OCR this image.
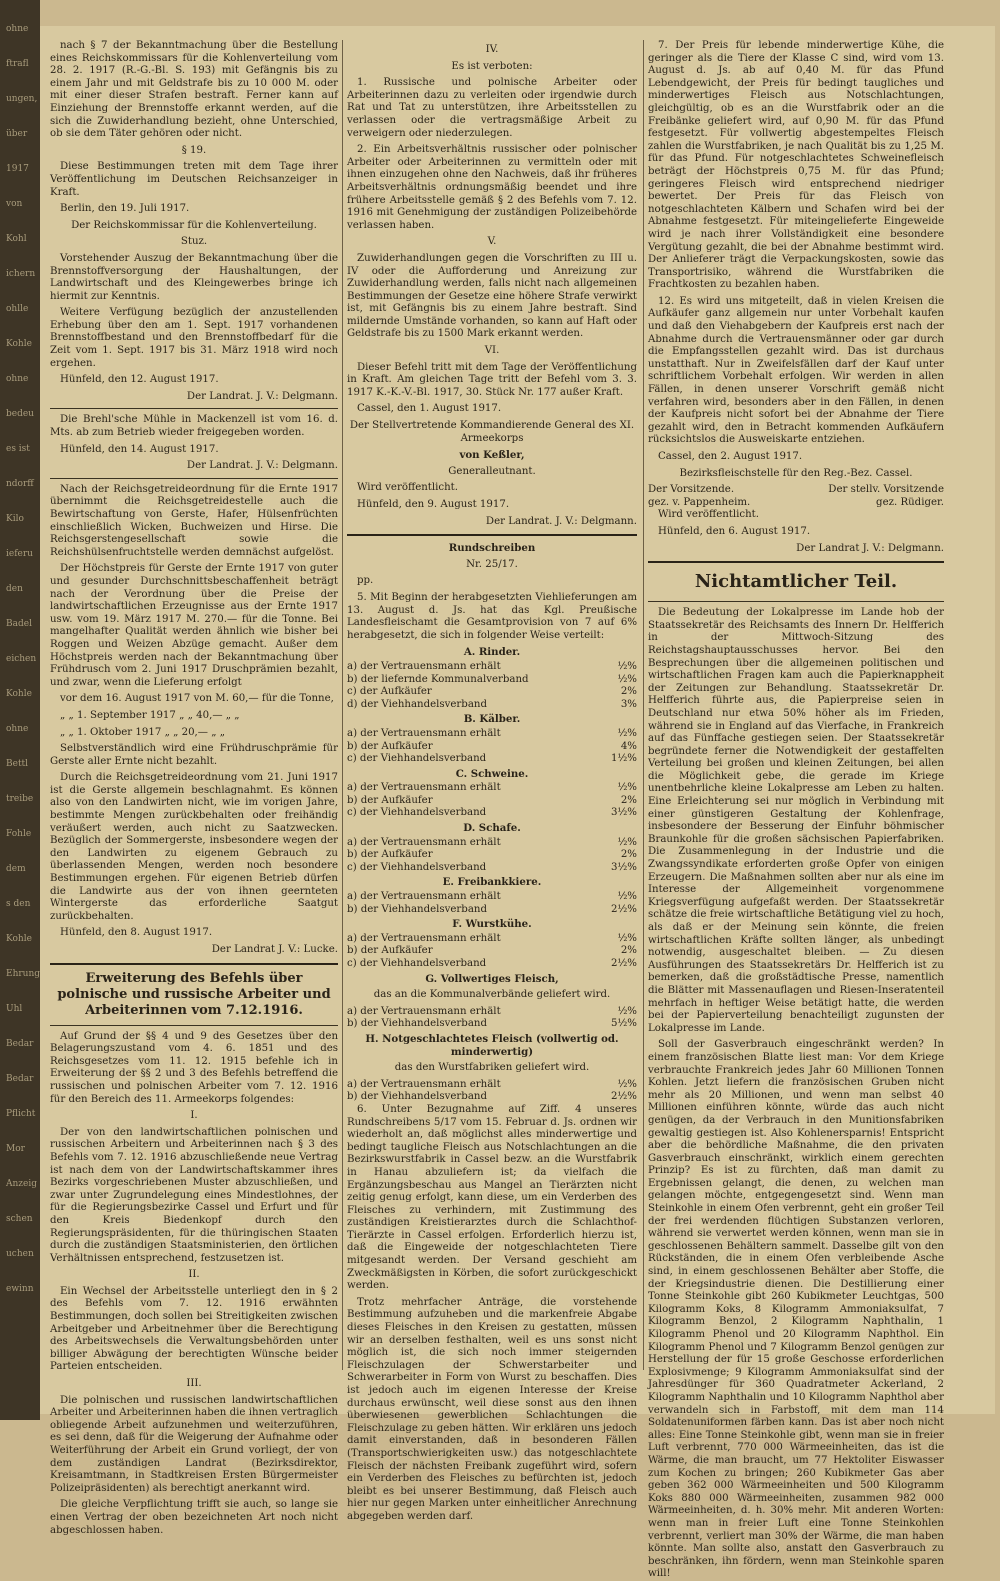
ohne
ftrafl
ungen,
über
1917
von
Kohl
ichern
ohlle
Kohle
ohne
bedeu
es ist
ndorff
Kilo
ieferu
den
Badel
eichen
Kohle
ohne
Bettl
treibe
Fohle
dem
s den
Kohle
Ehrung
Uhl
Bedar
Bedar
Pflicht
Mor
Anzeig
schen
uchen
ewinn

nach § 7 der Bekanntmachung über die Bestellung eines Reichskommissars für die Kohlenverteilung vom 28. 2. 1917 (R.-G.-Bl. S. 193) mit Gefängnis bis zu einem Jahr und mit Geldstrafe bis zu 10 000 M. oder mit einer dieser Strafen bestraft. Ferner kann auf Einziehung der Brennstoffe erkannt werden, auf die sich die Zuwiderhandlung bezieht, ohne Unterschied, ob sie dem Täter gehören oder nicht.

§ 19.

Diese Bestimmungen treten mit dem Tage ihrer Veröffentlichung im Deutschen Reichsanzeiger in Kraft.

Berlin, den 19. Juli 1917.

Der Reichskommissar für die Kohlenverteilung.

Stuz.

Vorstehender Auszug der Bekanntmachung über die Brennstoffversorgung der Haushaltungen, der Landwirtschaft und des Kleingewerbes bringe ich hiermit zur Kenntnis.

Weitere Verfügung bezüglich der anzustellenden Erhebung über den am 1. Sept. 1917 vorhandenen Brennstoffbestand und den Brennstoffbedarf für die Zeit vom 1. Sept. 1917 bis 31. März 1918 wird noch ergehen.

Hünfeld, den 12. August 1917.

Der Landrat. J. V.: Delgmann.

Die Brehl'sche Mühle in Mackenzell ist vom 16. d. Mts. ab zum Betrieb wieder freigegeben worden.

Hünfeld, den 14. August 1917.

Der Landrat. J. V.: Delgmann.

Nach der Reichsgetreideordnung für die Ernte 1917 übernimmt die Reichsgetreidestelle auch die Bewirtschaftung von Gerste, Hafer, Hülsenfrüchten einschließlich Wicken, Buchweizen und Hirse. Die Reichsgerstengesellschaft sowie die Reichshülsenfruchtstelle werden demnächst aufgelöst.

Der Höchstpreis für Gerste der Ernte 1917 von guter und gesunder Durchschnittsbeschaffenheit beträgt nach der Verordnung über die Preise der landwirtschaftlichen Erzeugnisse aus der Ernte 1917 usw. vom 19. März 1917 M. 270.— für die Tonne. Bei mangelhafter Qualität werden ähnlich wie bisher bei Roggen und Weizen Abzüge gemacht. Außer dem Höchstpreis werden nach der Bekanntmachung über Frühdrusch vom 2. Juni 1917 Druschprämien bezahlt, und zwar, wenn die Lieferung erfolgt

vor dem 16. August 1917 von M. 60,— für die Tonne,

„ „ 1. September 1917 „ „ 40,— „ „

„ „ 1. Oktober 1917 „ „ 20,— „ „

Selbstverständlich wird eine Frühdruschprämie für Gerste aller Ernte nicht bezahlt.

Durch die Reichsgetreideordnung vom 21. Juni 1917 ist die Gerste allgemein beschlagnahmt. Es können also von den Landwirten nicht, wie im vorigen Jahre, bestimmte Mengen zurückbehalten oder freihändig veräußert werden, auch nicht zu Saatzwecken. Bezüglich der Sommergerste, insbesondere wegen der den Landwirten zu eigenem Gebrauch zu überlassenden Mengen, werden noch besondere Bestimmungen ergehen. Für eigenen Betrieb dürfen die Landwirte aus der von ihnen geernteten Wintergerste das erforderliche Saatgut zurückbehalten.

Hünfeld, den 8. August 1917.

Der Landrat J. V.: Lucke.

Erweiterung des Befehls über polnische und russische Arbeiter und Arbeiterinnen vom 7.12.1916.

Auf Grund der §§ 4 und 9 des Gesetzes über den Belagerungszustand vom 4. 6. 1851 und des Reichsgesetzes vom 11. 12. 1915 befehle ich in Erweiterung der §§ 2 und 3 des Befehls betreffend die russischen und polnischen Arbeiter vom 7. 12. 1916 für den Bereich des 11. Armeekorps folgendes:

I.

Der von den landwirtschaftlichen polnischen und russischen Arbeitern und Arbeiterinnen nach § 3 des Befehls vom 7. 12. 1916 abzuschließende neue Vertrag ist nach dem von der Landwirtschaftskammer ihres Bezirks vorgeschriebenen Muster abzuschließen, und zwar unter Zugrundelegung eines Mindestlohnes, der für die Regierungsbezirke Cassel und Erfurt und für den Kreis Biedenkopf durch den Regierungspräsidenten, für die thüringischen Staaten durch die zuständigen Staatsministerien, den örtlichen Verhältnissen entsprechend, festzusetzen ist.

II.

Ein Wechsel der Arbeitsstelle unterliegt den in § 2 des Befehls vom 7. 12. 1916 erwähnten Bestimmungen, doch sollen bei Streitigkeiten zwischen Arbeitgeber und Arbeitnehmer über die Berechtigung des Arbeitswechsels die Verwaltungsbehörden unter billiger Abwägung der berechtigten Wünsche beider Parteien entscheiden.

III.

Die polnischen und russischen landwirtschaftlichen Arbeiter und Arbeiterinnen haben die ihnen vertraglich obliegende Arbeit aufzunehmen und weiterzuführen, es sei denn, daß für die Weigerung der Aufnahme oder Weiterführung der Arbeit ein Grund vorliegt, der von dem zuständigen Landrat (Bezirksdirektor, Kreisamtmann, in Stadtkreisen Ersten Bürgermeister Polizeipräsidenten) als berechtigt anerkannt wird.

Die gleiche Verpflichtung trifft sie auch, so lange sie einen Vertrag der oben bezeichneten Art noch nicht abgeschlossen haben.

IV.

Es ist verboten:

1. Russische und polnische Arbeiter oder Arbeiterinnen dazu zu verleiten oder irgendwie durch Rat und Tat zu unterstützen, ihre Arbeitsstellen zu verlassen oder die vertragsmäßige Arbeit zu verweigern oder niederzulegen.

2. Ein Arbeitsverhältnis russischer oder polnischer Arbeiter oder Arbeiterinnen zu vermitteln oder mit ihnen einzugehen ohne den Nachweis, daß ihr früheres Arbeitsverhältnis ordnungsmäßig beendet und ihre frühere Arbeitsstelle gemäß § 2 des Befehls vom 7. 12. 1916 mit Genehmigung der zuständigen Polizeibehörde verlassen haben.

V.

Zuwiderhandlungen gegen die Vorschriften zu III u. IV oder die Aufforderung und Anreizung zur Zuwiderhandlung werden, falls nicht nach allgemeinen Bestimmungen der Gesetze eine höhere Strafe verwirkt ist, mit Gefängnis bis zu einem Jahre bestraft. Sind mildernde Umstände vorhanden, so kann auf Haft oder Geldstrafe bis zu 1500 Mark erkannt werden.

VI.

Dieser Befehl tritt mit dem Tage der Veröffentlichung in Kraft. Am gleichen Tage tritt der Befehl vom 3. 3. 1917 K.-K.-V.-Bl. 1917, 30. Stück Nr. 177 außer Kraft.

Cassel, den 1. August 1917.

Der Stellvertretende Kommandierende General des XI. Armeekorps

von Keßler,

Generalleutnant.

Wird veröffentlicht.

Hünfeld, den 9. August 1917.

Der Landrat. J. V.: Delgmann.

Rundschreiben

Nr. 25/17.

pp.

5. Mit Beginn der herabgesetzten Viehlieferungen am 13. August d. Js. hat das Kgl. Preußische Landesfleischamt die Gesamtprovision von 7 auf 6% herabgesetzt, die sich in folgender Weise verteilt:

A. Rinder.

a) der Vertrauensmann erhält	½%
b) der liefernde Kommunalverband	½%
c) der Aufkäufer	2%
d) der Viehhandelsverband	3%

B. Kälber.

a) der Vertrauensmann erhält	½%
b) der Aufkäufer	4%
c) der Viehhandelsverband	1½%

C. Schweine.

a) der Vertrauensmann erhält	½%
b) der Aufkäufer	2%
c) der Viehhandelsverband	3½%

D. Schafe.

a) der Vertrauensmann erhält	½%
b) der Aufkäufer	2%
c) der Viehhandelsverband	3½%

E. Freibankkiere.

a) der Vertrauensmann erhält	½%
b) der Viehhandelsverband	2½%

F. Wurstkühe.

a) der Vertrauensmann erhält	½%
b) der Aufkäufer	2%
c) der Viehhandelsverband	2½%

G. Vollwertiges Fleisch,

das an die Kommunalverbände geliefert wird.

a) der Vertrauensmann erhält	½%
b) der Viehhandelsverband	5½%

H. Notgeschlachtetes Fleisch (vollwertig od. minderwertig)

das den Wurstfabriken geliefert wird.

a) der Vertrauensmann erhält	½%
b) der Viehhandelsverband	2½%

6. Unter Bezugnahme auf Ziff. 4 unseres Rundschreibens 5/17 vom 15. Februar d. Js. ordnen wir wiederholt an, daß möglichst alles minderwertige und bedingt taugliche Fleisch aus Notschlachtungen an die Bezirkswurstfabrik in Cassel bezw. an die Wurstfabrik in Hanau abzuliefern ist; da vielfach die Ergänzungsbeschau aus Mangel an Tierärzten nicht zeitig genug erfolgt, kann diese, um ein Verderben des Fleisches zu verhindern, mit Zustimmung des zuständigen Kreistierarztes durch die Schlachthof-Tierärzte in Cassel erfolgen. Erforderlich hierzu ist, daß die Eingeweide der notgeschlachteten Tiere mitgesandt werden. Der Versand geschieht am Zweckmäßigsten in Körben, die sofort zurückgeschickt werden.

Trotz mehrfacher Anträge, die vorstehende Bestimmung aufzuheben und die markenfreie Abgabe dieses Fleisches in den Kreisen zu gestatten, müssen wir an derselben festhalten, weil es uns sonst nicht möglich ist, die sich noch immer steigernden Fleischzulagen der Schwerstarbeiter und Schwerarbeiter in Form von Wurst zu beschaffen. Dies ist jedoch auch im eigenen Interesse der Kreise durchaus erwünscht, weil diese sonst aus den ihnen überwiesenen gewerblichen Schlachtungen die Fleischzulage zu geben hätten. Wir erklären uns jedoch damit einverstanden, daß in besonderen Fällen (Transportschwierigkeiten usw.) das notgeschlachtete Fleisch der nächsten Freibank zugeführt wird, sofern ein Verderben des Fleisches zu befürchten ist, jedoch bleibt es bei unserer Bestimmung, daß Fleisch auch hier nur gegen Marken unter einheitlicher Anrechnung abgegeben werden darf.

7. Der Preis für lebende minderwertige Kühe, die geringer als die Tiere der Klasse C sind, wird vom 13. August d. Js. ab auf 0,40 M. für das Pfund Lebendgewicht, der Preis für bedingt taugliches und minderwertiges Fleisch aus Notschlachtungen, gleichgültig, ob es an die Wurstfabrik oder an die Freibänke geliefert wird, auf 0,90 M. für das Pfund festgesetzt. Für vollwertig abgestempeltes Fleisch zahlen die Wurstfabriken, je nach Qualität bis zu 1,25 M. für das Pfund. Für notgeschlachtetes Schweinefleisch beträgt der Höchstpreis 0,75 M. für das Pfund; geringeres Fleisch wird entsprechend niedriger bewertet. Der Preis für das Fleisch von notgeschlachteten Kälbern und Schafen wird bei der Abnahme festgesetzt. Für miteingelieferte Eingeweide wird je nach ihrer Vollständigkeit eine besondere Vergütung gezahlt, die bei der Abnahme bestimmt wird. Der Anlieferer trägt die Verpackungskosten, sowie das Transportrisiko, während die Wurstfabriken die Frachtkosten zu bezahlen haben.

12. Es wird uns mitgeteilt, daß in vielen Kreisen die Aufkäufer ganz allgemein nur unter Vorbehalt kaufen und daß den Viehabgebern der Kaufpreis erst nach der Abnahme durch die Vertrauensmänner oder gar durch die Empfangsstellen gezahlt wird. Das ist durchaus unstatthaft. Nur in Zweifelsfällen darf der Kauf unter schriftlichem Vorbehalt erfolgen. Wir werden in allen Fällen, in denen unserer Vorschrift gemäß nicht verfahren wird, besonders aber in den Fällen, in denen der Kaufpreis nicht sofort bei der Abnahme der Tiere gezahlt wird, den in Betracht kommenden Aufkäufern rücksichtslos die Ausweiskarte entziehen.

Cassel, den 2. August 1917.

Bezirksfleischstelle für den Reg.-Bez. Cassel.

Der Vorsitzende.	Der stellv. Vorsitzende
gez. v. Pappenheim.	gez. Rüdiger.

Wird veröffentlicht.

Hünfeld, den 6. August 1917.

Der Landrat J. V.: Delgmann.

Nichtamtlicher Teil.

Die Bedeutung der Lokalpresse im Lande hob der Staatssekretär des Reichsamts des Innern Dr. Helfferich in der Mittwoch-Sitzung des Reichstagshauptausschusses hervor. Bei den Besprechungen über die allgemeinen politischen und wirtschaftlichen Fragen kam auch die Papierknappheit der Zeitungen zur Behandlung. Staatssekretär Dr. Helfferich führte aus, die Papierpreise seien in Deutschland nur etwa 50% höher als im Frieden, während sie in England auf das Vierfache, in Frankreich auf das Fünffache gestiegen seien. Der Staatssekretär begründete ferner die Notwendigkeit der gestaffelten Verteilung bei großen und kleinen Zeitungen, bei allen die Möglichkeit gebe, die gerade im Kriege unentbehrliche kleine Lokalpresse am Leben zu halten. Eine Erleichterung sei nur möglich in Verbindung mit einer günstigeren Gestaltung der Kohlenfrage, insbesondere der Besserung der Einfuhr böhmischer Braunkohle für die großen sächsischen Papierfabriken. Die Zusammenlegung in der Industrie und die Zwangssyndikate erforderten große Opfer von einigen Erzeugern. Die Maßnahmen sollten aber nur als eine im Interesse der Allgemeinheit vorgenommene Kriegsverfügung aufgefaßt werden. Der Staatssekretär schätze die freie wirtschaftliche Betätigung viel zu hoch, als daß er der Meinung sein könnte, die freien wirtschaftlichen Kräfte sollten länger, als unbedingt notwendig, ausgeschaltet bleiben. — Zu diesen Ausführungen des Staatssekretärs Dr. Helfferich ist zu bemerken, daß die großstädtische Presse, namentlich die Blätter mit Massenauflagen und Riesen-Inseratenteil mehrfach in heftiger Weise betätigt hatte, die werden bei der Papierverteilung benachteiligt zugunsten der Lokalpresse im Lande.

Soll der Gasverbrauch eingeschränkt werden? In einem französischen Blatte liest man: Vor dem Kriege verbrauchte Frankreich jedes Jahr 60 Millionen Tonnen Kohlen. Jetzt liefern die französischen Gruben nicht mehr als 20 Millionen, und wenn man selbst 40 Millionen einführen könnte, würde das auch nicht genügen, da der Verbrauch in den Munitionsfabriken gewaltig gestiegen ist. Also Kohlenersparnis! Entspricht aber die behördliche Maßnahme, die den privaten Gasverbrauch einschränkt, wirklich einem gerechten Prinzip? Es ist zu fürchten, daß man damit zu Ergebnissen gelangt, die denen, zu welchen man gelangen möchte, entgegengesetzt sind. Wenn man Steinkohle in einem Ofen verbrennt, geht ein großer Teil der frei werdenden flüchtigen Substanzen verloren, während sie verwertet werden können, wenn man sie in geschlossenen Behältern sammelt. Dasselbe gilt von den Rückständen, die in einem Ofen verbleibende Asche sind, in einem geschlossenen Behälter aber Stoffe, die der Kriegsindustrie dienen. Die Destillierung einer Tonne Steinkohle gibt 260 Kubikmeter Leuchtgas, 500 Kilogramm Koks, 8 Kilogramm Ammoniaksulfat, 7 Kilogramm Benzol, 2 Kilogramm Naphthalin, 1 Kilogramm Phenol und 20 Kilogramm Naphthol. Ein Kilogramm Phenol und 7 Kilogramm Benzol genügen zur Herstellung der für 15 große Geschosse erforderlichen Explosivmenge; 9 Kilogramm Ammoniaksulfat sind der Jahresdünger für 360 Quadratmeter Ackerland, 2 Kilogramm Naphthalin und 10 Kilogramm Naphthol aber verwandeln sich in Farbstoff, mit dem man 114 Soldatenuniformen färben kann. Das ist aber noch nicht alles: Eine Tonne Steinkohle gibt, wenn man sie in freier Luft verbrennt, 770 000 Wärmeeinheiten, das ist die Wärme, die man braucht, um 77 Hektoliter Eiswasser zum Kochen zu bringen; 260 Kubikmeter Gas aber geben 362 000 Wärmeeinheiten und 500 Kilogramm Koks 880 000 Wärmeeinheiten, zusammen 982 000 Wärmeeinheiten, d. h. 30% mehr. Mit anderen Worten: wenn man in freier Luft eine Tonne Steinkohlen verbrennt, verliert man 30% der Wärme, die man haben könnte. Man sollte also, anstatt den Gasverbrauch zu beschränken, ihn fördern, wenn man Steinkohle sparen will!
